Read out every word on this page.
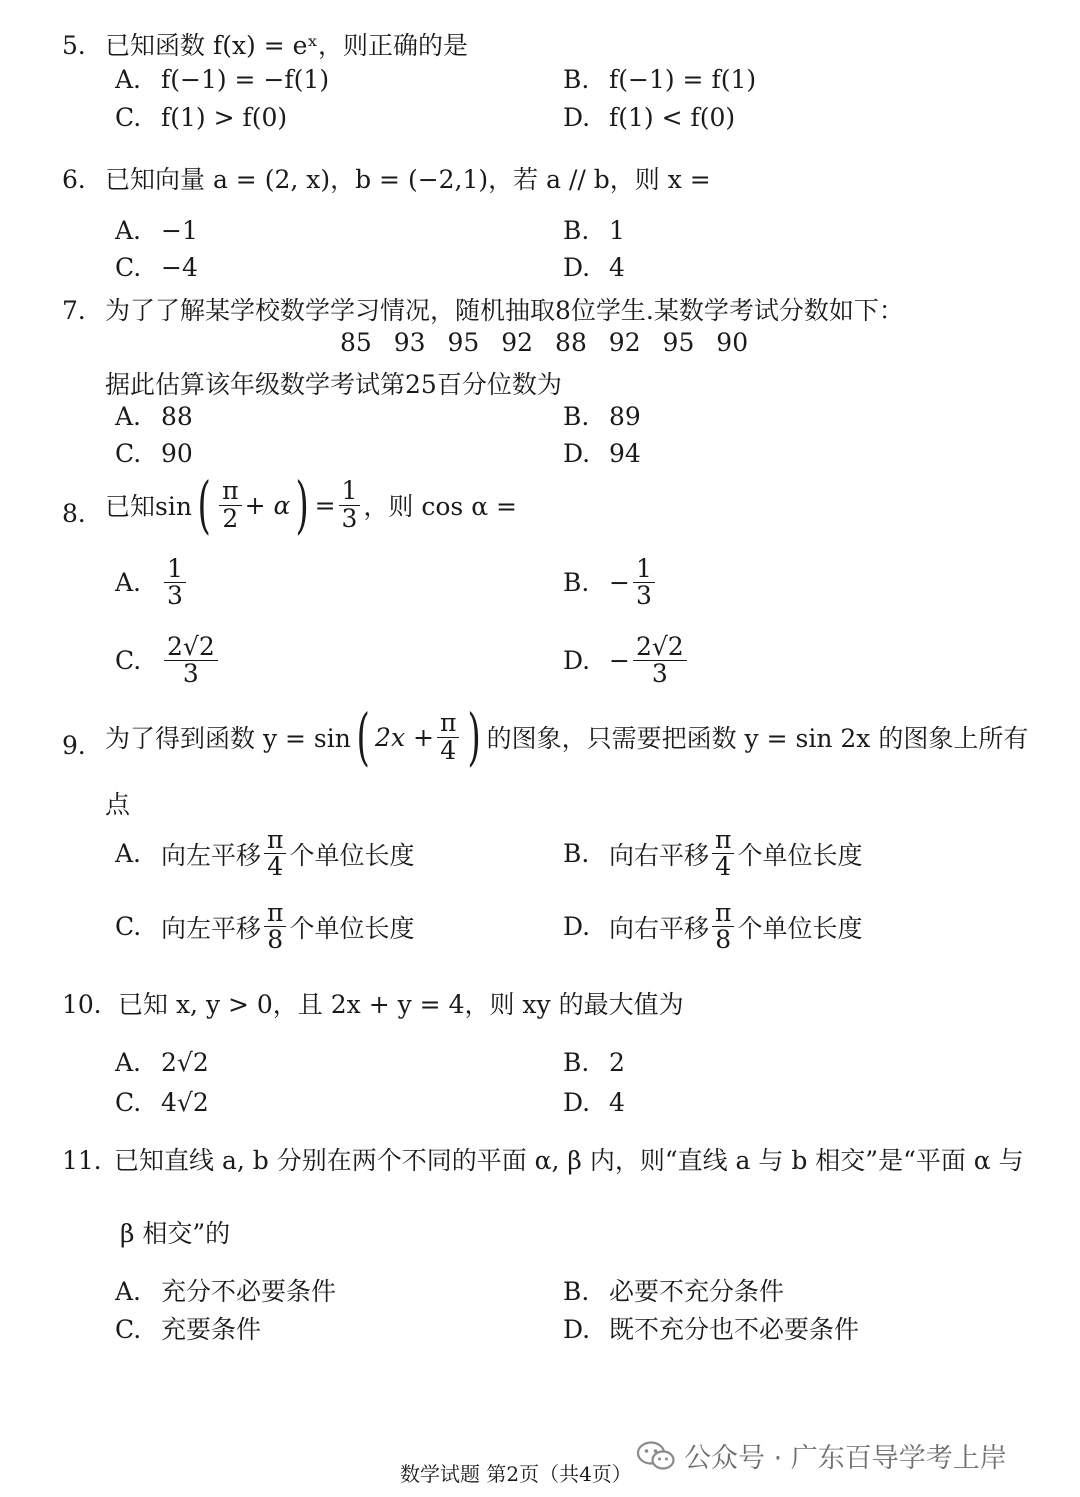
5． 已知函数 f(x) = eˣ，则正确的是
A. f(−1) = −f(1)	B. f(−1) = f(1)
C. f(1) > f(0)	D. f(1) < f(0)
6． 已知向量 a = (2, x)，b = (−2,1)，若 a // b，则 x =
A. −1	B. 1
C. −4	D. 4
7． 为了了解某学校数学学习情况，随机抽取8位学生.某数学考试分数如下：
85 93 95 92 88 92 95 90
据此估算该年级数学考试第25百分位数为
A. 88	B. 89
C. 90	D. 94
8． 已知sin ( $\frac{\pi}{2} + \alpha$ ) = $\frac{1}{3}$ ，则 cos α =
A. $\frac{1}{3}$	B. − $\frac{1}{3}$
C. $\frac{2√2}{3}$	D. − $\frac{2√2}{3}$
9． 为了得到函数 y = sin ( $2x + \frac{\pi}{4}$ ) 的图象，只需要把函数 y = sin 2x 的图象上所有
点
A. 向左平移 $\frac{\pi}{4}$ 个单位长度	B. 向右平移 $\frac{\pi}{4}$ 个单位长度
C. 向左平移 $\frac{\pi}{8}$ 个单位长度	D. 向右平移 $\frac{\pi}{8}$ 个单位长度
10． 已知 x, y > 0，且 2x + y = 4，则 xy 的最大值为
A. 2√2	B. 2
C. 4√2	D. 4
11．
已知直线 a, b 分别在两个不同的平面 α, β 内，则“直线 a 与 b 相交”是“平面 α 与
β 相交”的
A. 充分不必要条件	B. 必要不充分条件
C. 充要条件	D. 既不充分也不必要条件
数学试题 第2页（共4页） 公众号 · 广东百导学考上岸
